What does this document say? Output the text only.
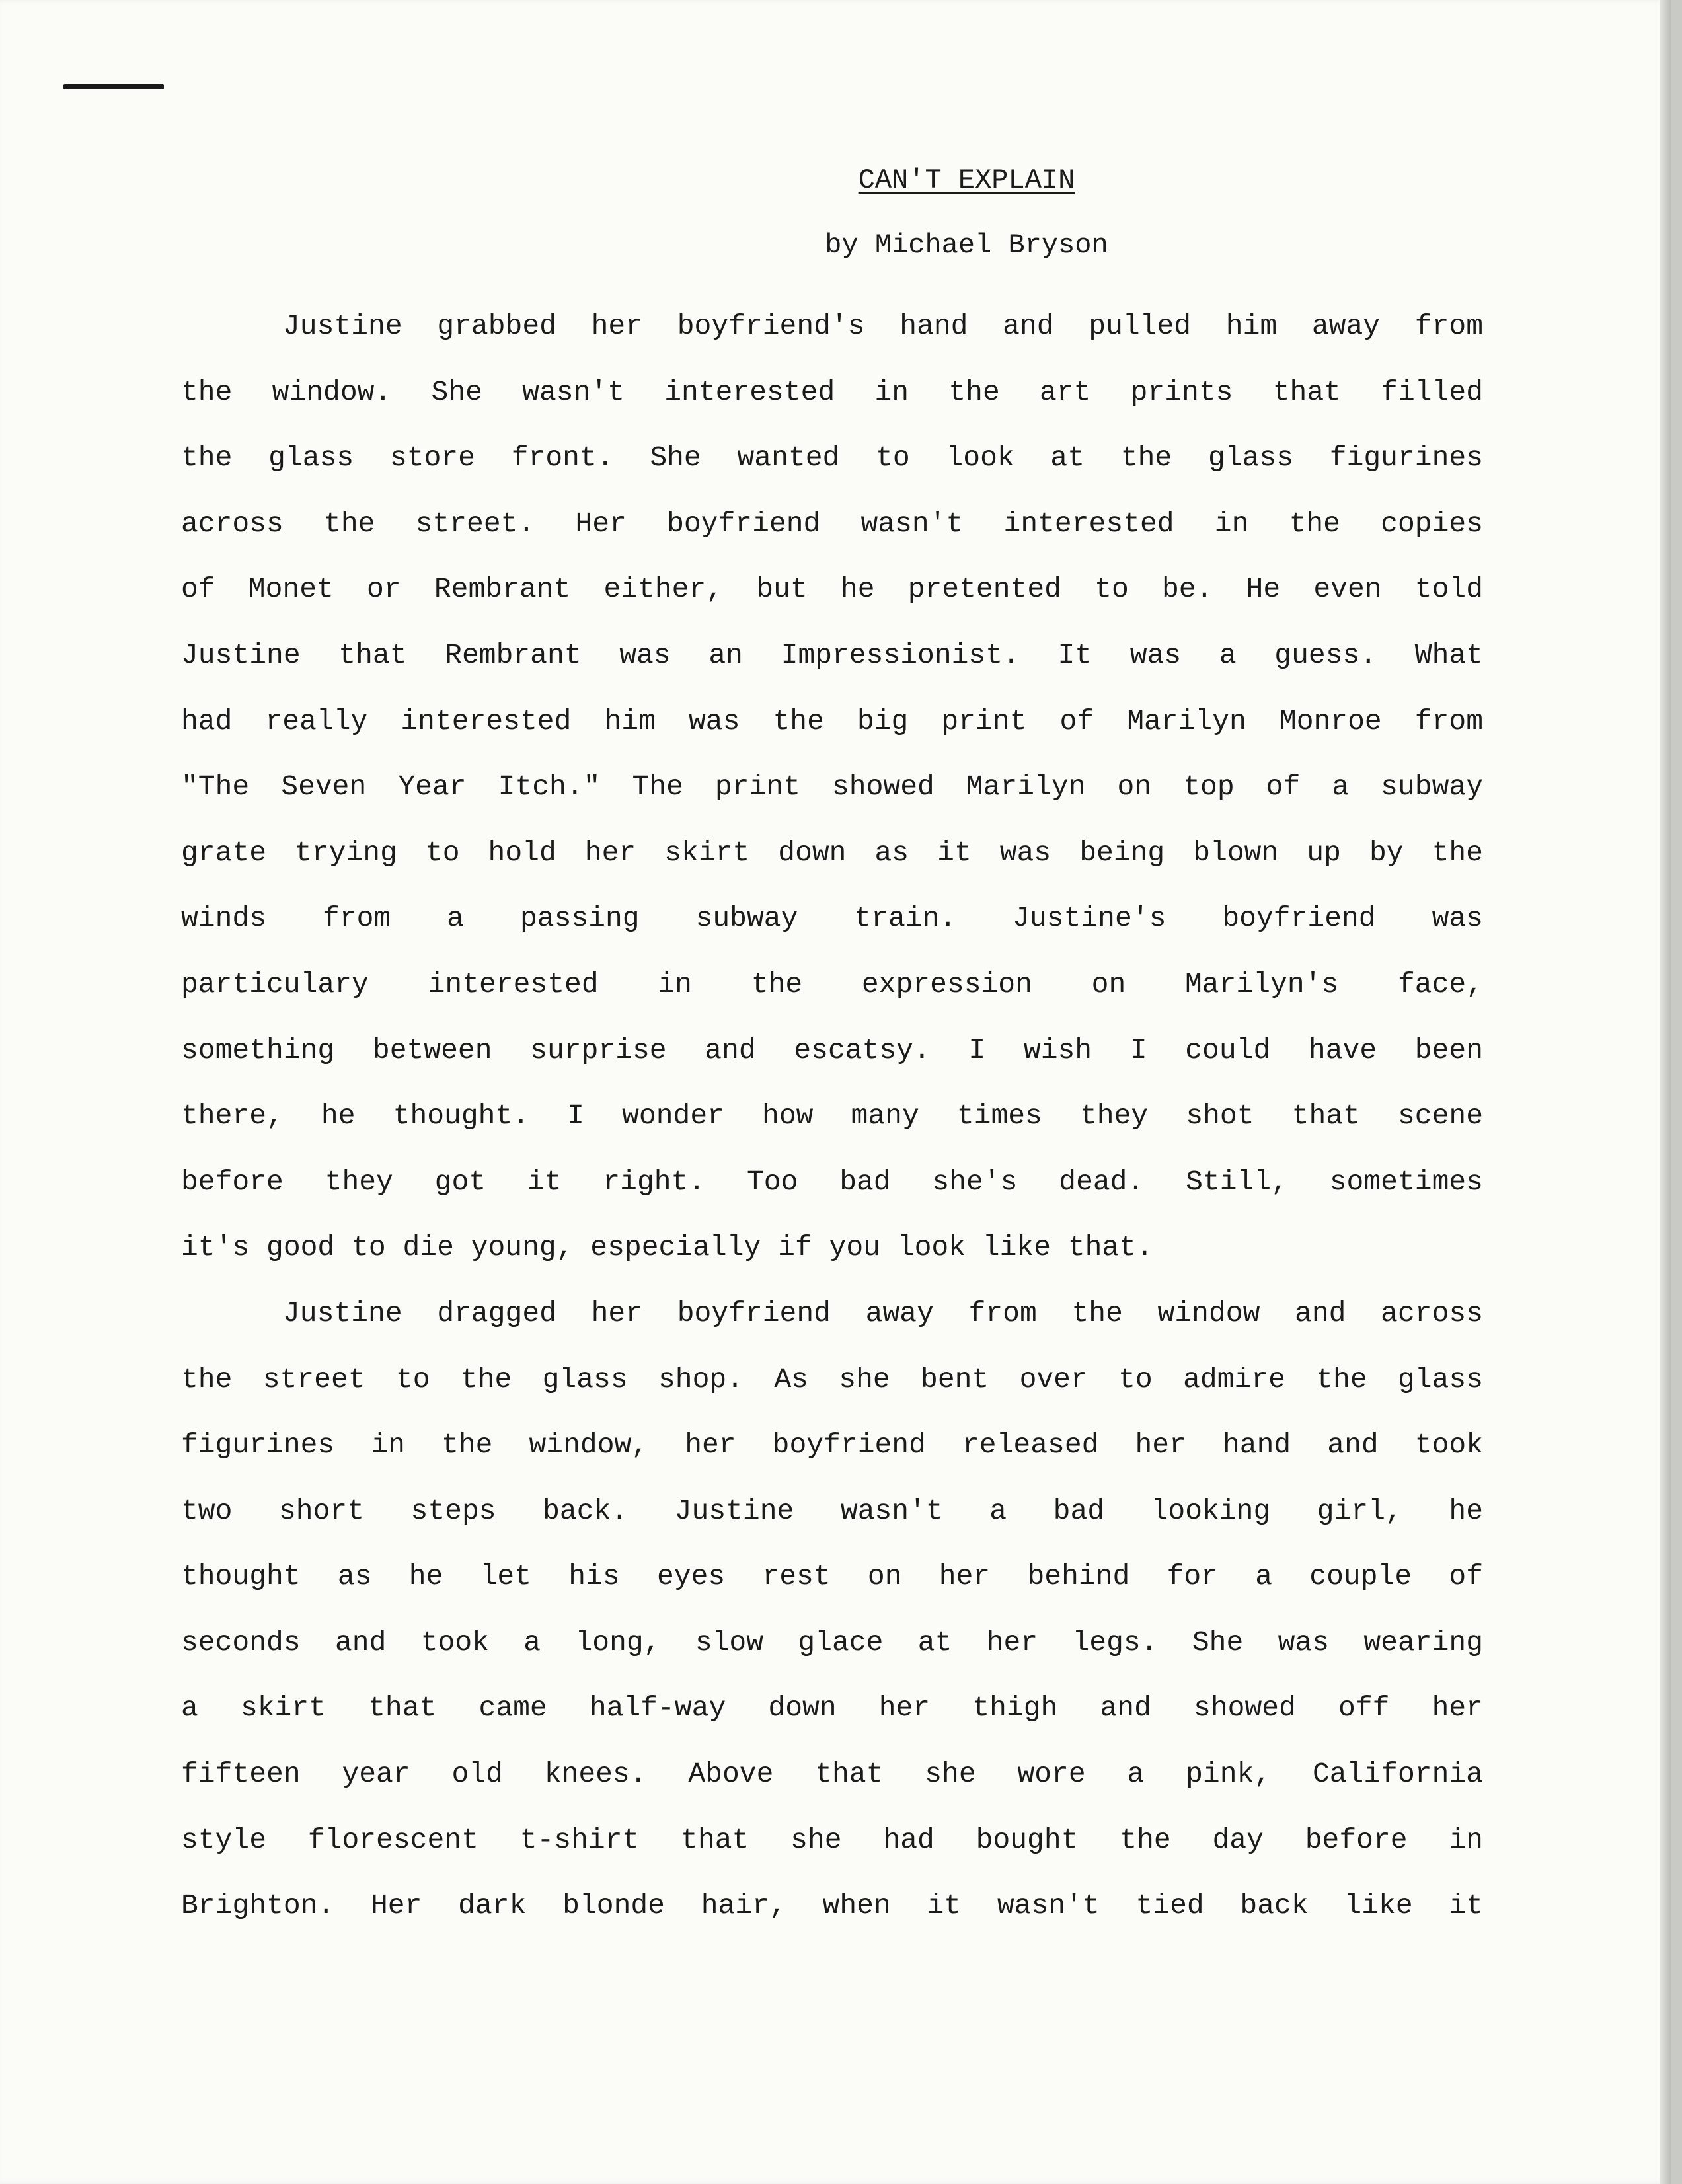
CAN'T EXPLAIN

by Michael Bryson

Justine grabbed her boyfriend's hand and pulled him away from
the window. She wasn't interested in the art prints that filled
the glass store front. She wanted to look at the glass figurines
across the street. Her boyfriend wasn't interested in the copies
of Monet or Rembrant either, but he pretented to be. He even told
Justine that Rembrant was an Impressionist. It was a guess. What
had really interested him was the big print of Marilyn Monroe from
"The Seven Year Itch." The print showed Marilyn on top of a subway
grate trying to hold her skirt down as it was being blown up by the
winds from a passing subway train. Justine's boyfriend was
particulary interested in the expression on Marilyn's face,
something between surprise and escatsy. I wish I could have been
there, he thought. I wonder how many times they shot that scene
before they got it right. Too bad she's dead. Still, sometimes
it's good to die young, especially if you look like that.
Justine dragged her boyfriend away from the window and across
the street to the glass shop. As she bent over to admire the glass
figurines in the window, her boyfriend released her hand and took
two short steps back. Justine wasn't a bad looking girl, he
thought as he let his eyes rest on her behind for a couple of
seconds and took a long, slow glace at her legs. She was wearing
a skirt that came half-way down her thigh and showed off her
fifteen year old knees. Above that she wore a pink, California
style florescent t-shirt that she had bought the day before in
Brighton. Her dark blonde hair, when it wasn't tied back like it
